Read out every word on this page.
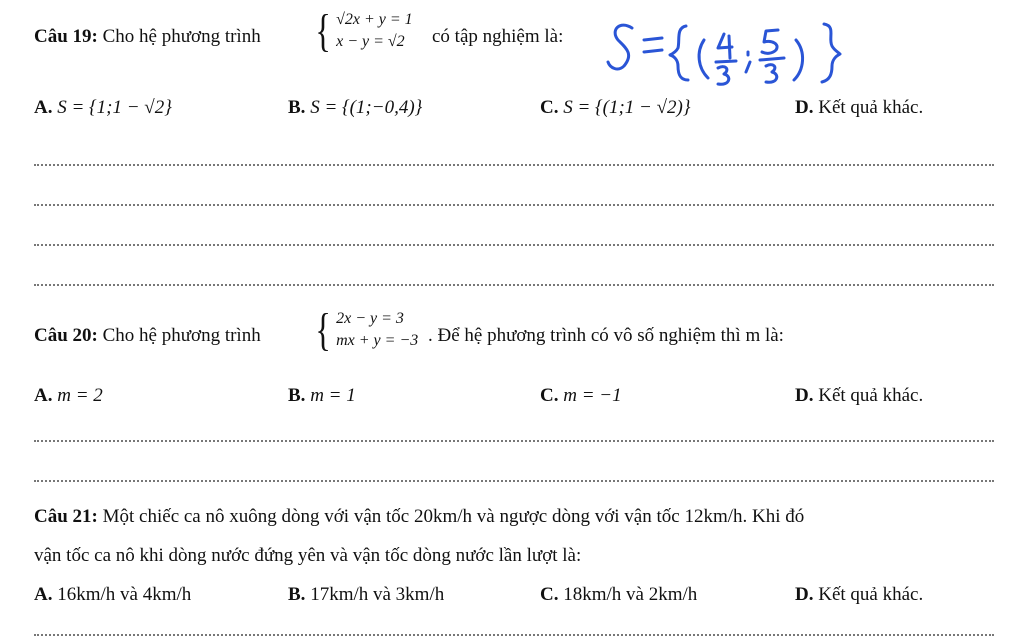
Câu 19: Cho hệ phương trình { √2x + y = 1
x − y = √2	có tập nghiệm là:
A. S = {1;1 − √2}	B. S = {(1;−0,4)}	C. S = {(1;1 − √2)}	D. Kết quả khác.
Câu 20: Cho hệ phương trình { 2x − y = 3
mx + y = −3 . Để hệ phương trình có vô số nghiệm thì m là:
A. m = 2	B. m = 1	C. m = −1	D. Kết quả khác.
Câu 21: Một chiếc ca nô xuông dòng với vận tốc 20km/h và ngược dòng với vận tốc 12km/h. Khi đó
vận tốc ca nô khi dòng nước đứng yên và vận tốc dòng nước lần lượt là:
A. 16km/h và 4km/h	B. 17km/h và 3km/h	C. 18km/h và 2km/h	D. Kết quả khác.
